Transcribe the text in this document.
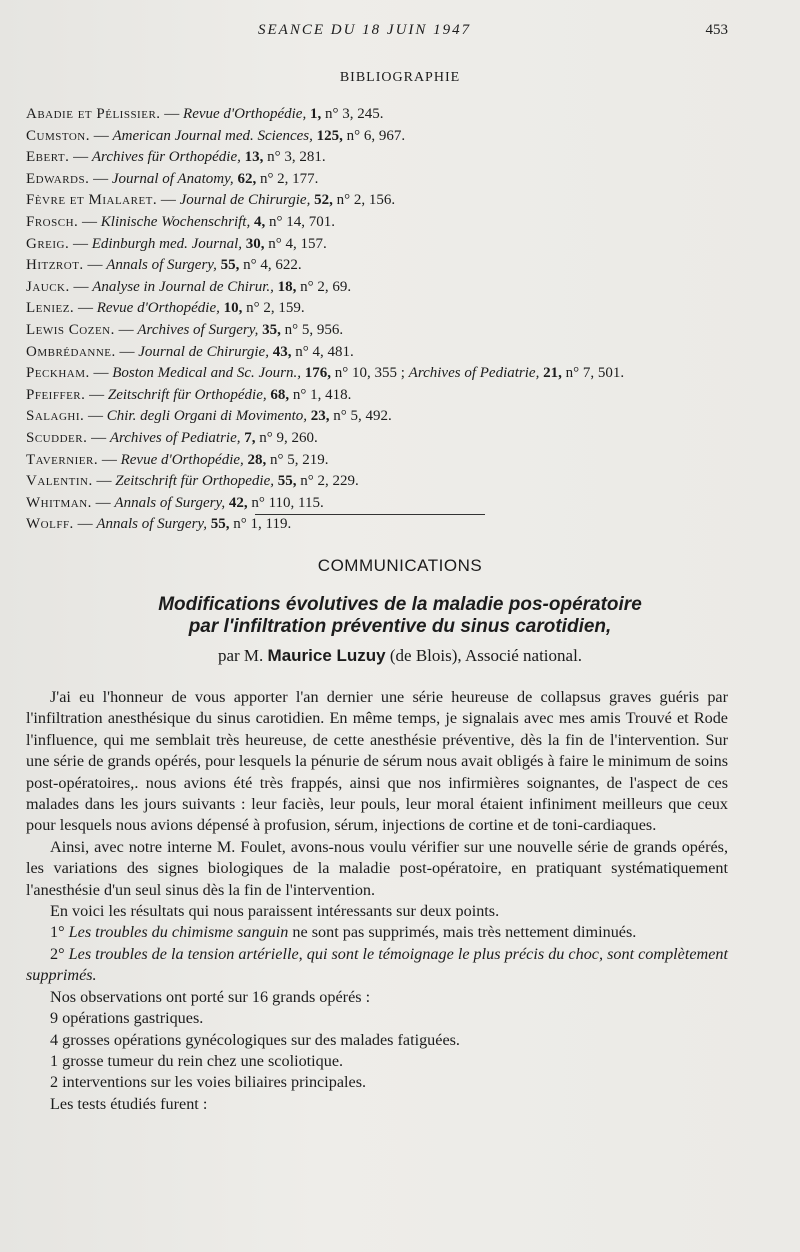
SEANCE DU 18 JUIN 1947	453
BIBLIOGRAPHIE
Abadie et Pélissier. — Revue d'Orthopédie, 1, n° 3, 245.
Cumston. — American Journal med. Sciences, 125, n° 6, 967.
Ebert. — Archives für Orthopédie, 13, n° 3, 281.
Edwards. — Journal of Anatomy, 62, n° 2, 177.
Fèvre et Mialaret. — Journal de Chirurgie, 52, n° 2, 156.
Frosch. — Klinische Wochenschrift, 4, n° 14, 701.
Greig. — Edinburgh med. Journal, 30, n° 4, 157.
Hitzrot. — Annals of Surgery, 55, n° 4, 622.
Jauck. — Analyse in Journal de Chirur., 18, n° 2, 69.
Leniez. — Revue d'Orthopédie, 10, n° 2, 159.
Lewis Cozen. — Archives of Surgery, 35, n° 5, 956.
Ombrédanne. — Journal de Chirurgie, 43, n° 4, 481.
Peckham. — Boston Medical and Sc. Journ., 176, n° 10, 355 ; Archives of Pediatrie, 21, n° 7, 501.
Pfeiffer. — Zeitschrift für Orthopédie, 68, n° 1, 418.
Salaghi. — Chir. degli Organi di Movimento, 23, n° 5, 492.
Scudder. — Archives of Pediatrie, 7, n° 9, 260.
Tavernier. — Revue d'Orthopédie, 28, n° 5, 219.
Valentin. — Zeitschrift für Orthopedie, 55, n° 2, 229.
Whitman. — Annals of Surgery, 42, n° 110, 115.
Wolff. — Annals of Surgery, 55, n° 1, 119.
COMMUNICATIONS
Modifications évolutives de la maladie pos-opératoire
par l'infiltration préventive du sinus carotidien,
par M. Maurice Luzuy (de Blois), Associé national.

J'ai eu l'honneur de vous apporter l'an dernier une série heureuse de collapsus graves guéris par l'infiltration anesthésique du sinus carotidien. En même temps, je signalais avec mes amis Trouvé et Rode l'influence, qui me semblait très heureuse, de cette anesthésie préventive, dès la fin de l'intervention. Sur une série de grands opérés, pour lesquels la pénurie de sérum nous avait obligés à faire le minimum de soins post-opératoires,. nous avions été très frappés, ainsi que nos infirmières soignantes, de l'aspect de ces malades dans les jours suivants : leur faciès, leur pouls, leur moral étaient infiniment meilleurs que ceux pour lesquels nous avions dépensé à profusion, sérum, injections de cortine et de toni-cardiaques.

Ainsi, avec notre interne M. Foulet, avons-nous voulu vérifier sur une nouvelle série de grands opérés, les variations des signes biologiques de la maladie post-opératoire, en pratiquant systématiquement l'anesthésie d'un seul sinus dès la fin de l'intervention.

En voici les résultats qui nous paraissent intéressants sur deux points.

1° Les troubles du chimisme sanguin ne sont pas supprimés, mais très nettement diminués.

2° Les troubles de la tension artérielle, qui sont le témoignage le plus précis du choc, sont complètement supprimés.

Nos observations ont porté sur 16 grands opérés :

9 opérations gastriques.

4 grosses opérations gynécologiques sur des malades fatiguées.

1 grosse tumeur du rein chez une scoliotique.

2 interventions sur les voies biliaires principales.

Les tests étudiés furent :
